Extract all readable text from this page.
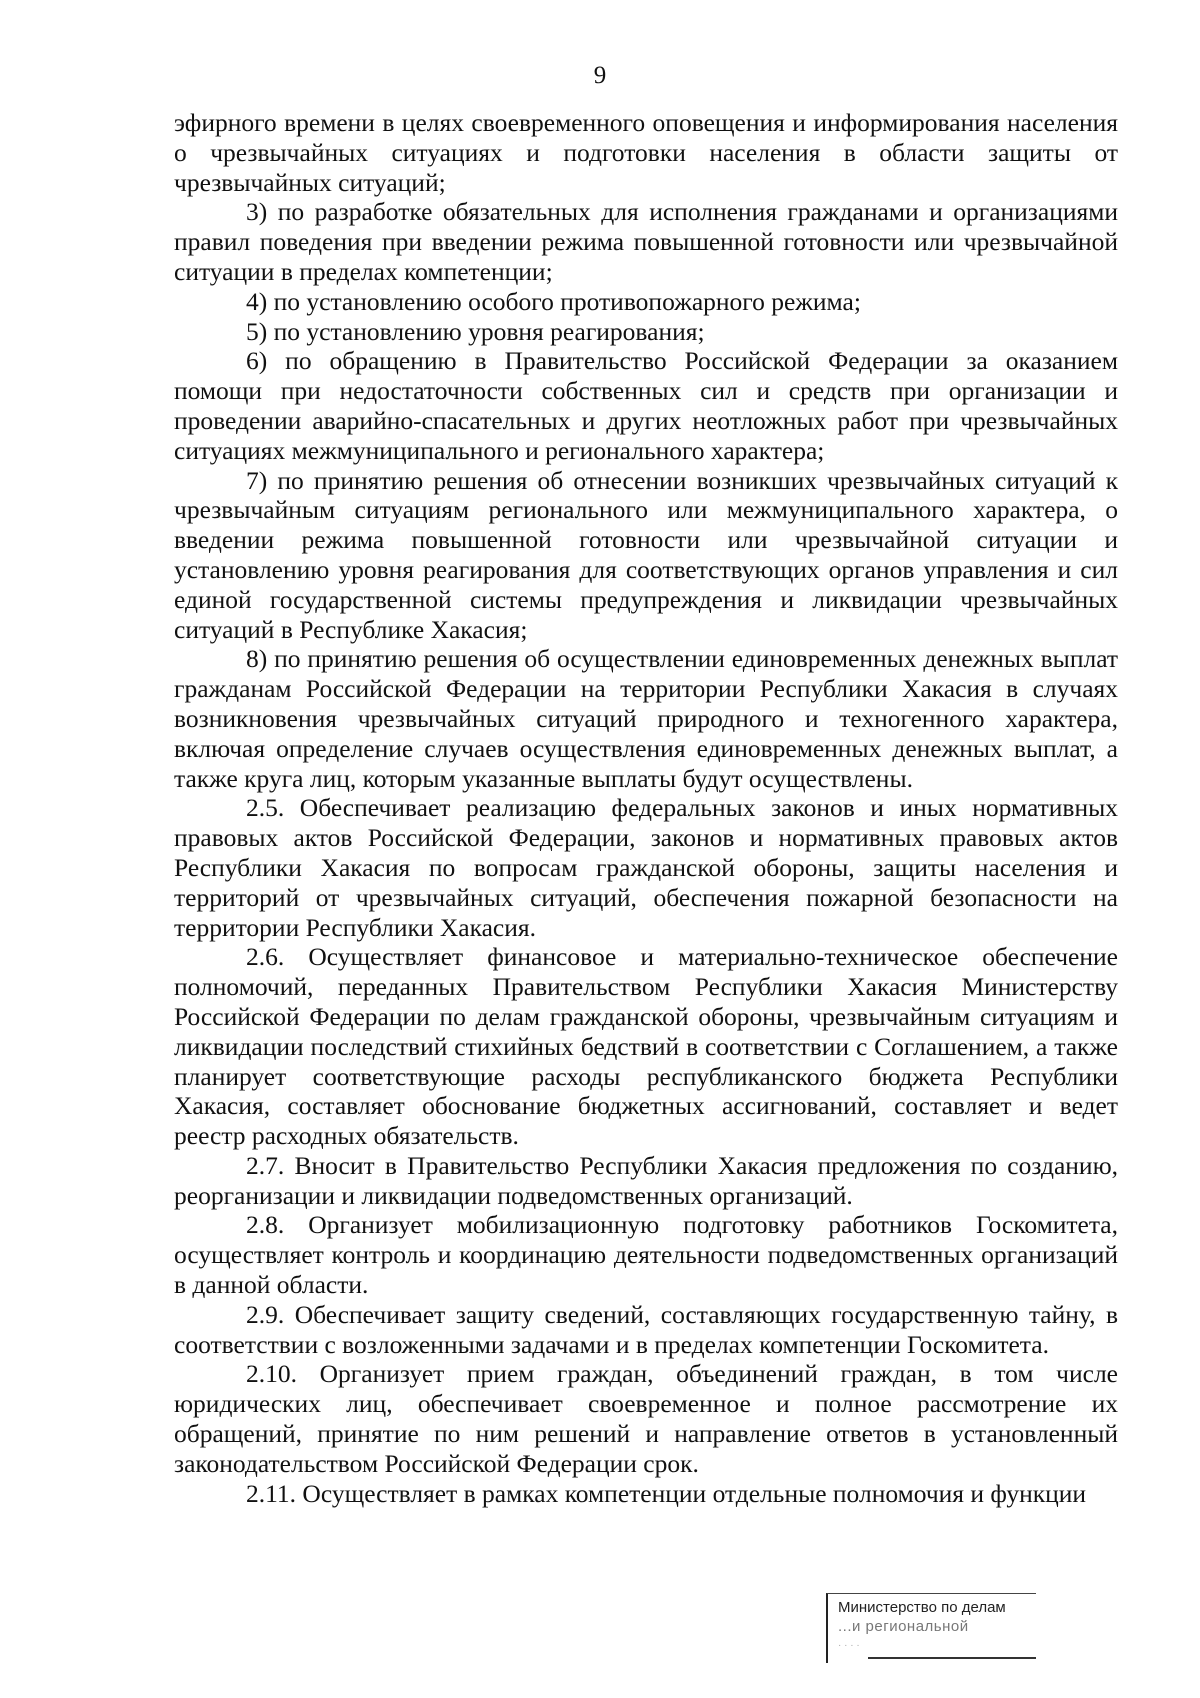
9

эфирного времени в целях своевременного оповещения и информирования населения о чрезвычайных ситуациях и подготовки населения в области защиты от чрезвычайных ситуаций;

3) по разработке обязательных для исполнения гражданами и организациями правил поведения при введении режима повышенной готовности или чрезвычайной ситуации в пределах компетенции;

4) по установлению особого противопожарного режима;

5) по установлению уровня реагирования;

6) по обращению в Правительство Российской Федерации за оказанием помощи при недостаточности собственных сил и средств при организации и проведении аварийно-спасательных и других неотложных работ при чрезвычайных ситуациях межмуниципального и регионального характера;

7) по принятию решения об отнесении возникших чрезвычайных ситуаций к чрезвычайным ситуациям регионального или межмуниципального характера, о введении режима повышенной готовности или чрезвычайной ситуации и установлению уровня реагирования для соответствующих органов управления и сил единой государственной системы предупреждения и ликвидации чрезвычайных ситуаций в Республике Хакасия;

8) по принятию решения об осуществлении единовременных денежных выплат гражданам Российской Федерации на территории Республики Хакасия в случаях возникновения чрезвычайных ситуаций природного и техногенного характера, включая определение случаев осуществления единовременных денежных выплат, а также круга лиц, которым указанные выплаты будут осуществлены.

2.5. Обеспечивает реализацию федеральных законов и иных нормативных правовых актов Российской Федерации, законов и нормативных правовых актов Республики Хакасия по вопросам гражданской обороны, защиты населения и территорий от чрезвычайных ситуаций, обеспечения пожарной безопасности на территории Республики Хакасия.

2.6. Осуществляет финансовое и материально-техническое обеспечение полномочий, переданных Правительством Республики Хакасия Министерству Российской Федерации по делам гражданской обороны, чрезвычайным ситуациям и ликвидации последствий стихийных бедствий в соответствии с Соглашением, а также планирует соответствующие расходы республиканского бюджета Республики Хакасия, составляет обоснование бюджетных ассигнований, составляет и ведет реестр расходных обязательств.

2.7. Вносит в Правительство Республики Хакасия предложения по созданию, реорганизации и ликвидации подведомственных организаций.

2.8. Организует мобилизационную подготовку работников Госкомитета, осуществляет контроль и координацию деятельности подведомственных организаций в данной области.

2.9. Обеспечивает защиту сведений, составляющих государственную тайну, в соответствии с возложенными задачами и в пределах компетенции Госкомитета.

2.10. Организует прием граждан, объединений граждан, в том числе юридических лиц, обеспечивает своевременное и полное рассмотрение их обращений, принятие по ним решений и направление ответов в установленный законодательством Российской Федерации срок.

2.11. Осуществляет в рамках компетенции отдельные полномочия и функции

Министерство по делам
...и региональной
· · · ·
